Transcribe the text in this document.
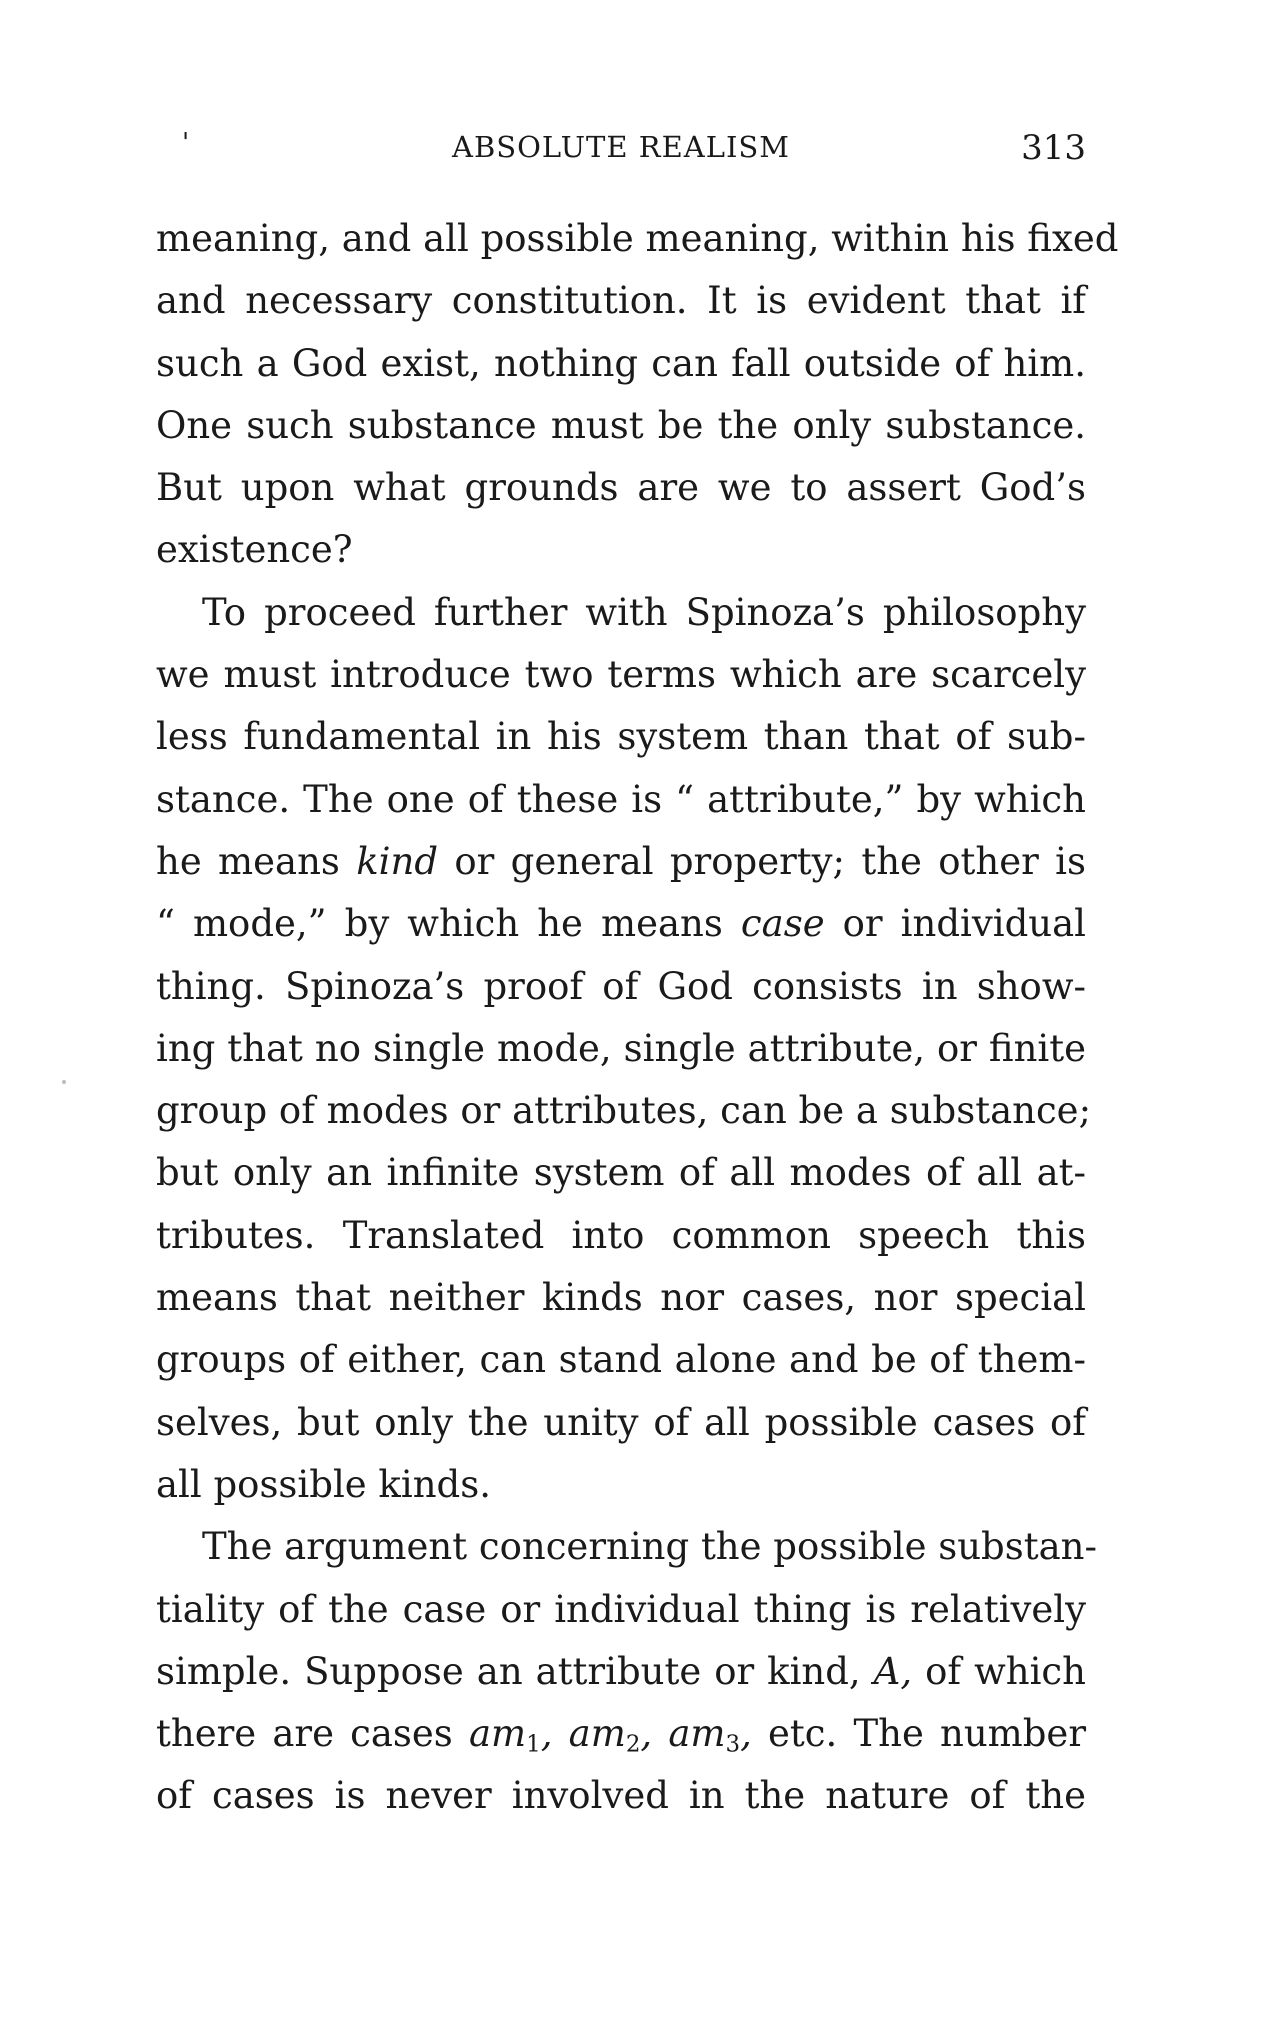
'	ABSOLUTE REALISM	313
meaning, and all possible meaning, within his fixed
and necessary constitution. It is evident that if
such a God exist, nothing can fall outside of him.
One such substance must be the only substance.
But upon what grounds are we to assert God’s
existence?
To proceed further with Spinoza’s philosophy
we must introduce two terms which are scarcely
less fundamental in his system than that of sub-
stance. The one of these is “ attribute,” by which
he means kind or general property; the other is
“ mode,” by which he means case or individual
thing. Spinoza’s proof of God consists in show-
ing that no single mode, single attribute, or finite
group of modes or attributes, can be a substance;
but only an infinite system of all modes of all at-
tributes. Translated into common speech this
means that neither kinds nor cases, nor special
groups of either, can stand alone and be of them-
selves, but only the unity of all possible cases of
all possible kinds.
The argument concerning the possible substan-
tiality of the case or individual thing is relatively
simple. Suppose an attribute or kind, A, of which
there are cases $am_1$, $am_2$, $am_3$, etc. The number
of cases is never involved in the nature of the
